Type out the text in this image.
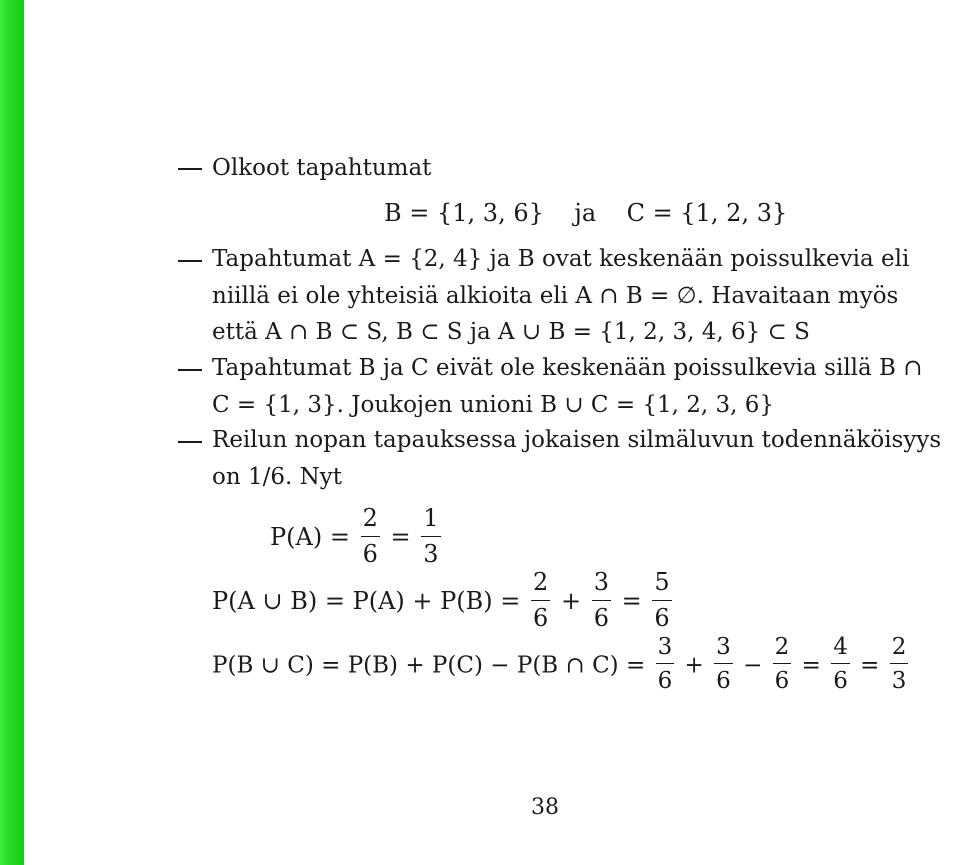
Olkoot tapahtumat
B = {1, 3, 6}    ja    C = {1, 2, 3}
Tapahtumat A = {2, 4} ja B ovat keskenään poissulkevia eli
niillä ei ole yhteisiä alkioita eli A ∩ B = ∅. Havaitaan myös
että A ∩ B ⊂ S, B ⊂ S ja A ∪ B = {1, 2, 3, 4, 6} ⊂ S
Tapahtumat B ja C eivät ole keskenään poissulkevia sillä B ∩
C = {1, 3}. Joukojen unioni B ∪ C = {1, 2, 3, 6}
Reilun nopan tapauksessa jokaisen silmäluvun todennäköisyys
on 1/6. Nyt
$P(A) = \frac{2}{6} = \frac{1}{3}$
P(A ∪ $B) = P(A) + P(B) = \frac{2}{6} + \frac{3}{6} = \frac{5}{6}$
P(B ∪ C) = P(B) + P(C) − P(B ∩ $C) = \frac{3}{6} + \frac{3}{6} - \frac{2}{6} = \frac{4}{6} = \frac{2}{3}$
38
